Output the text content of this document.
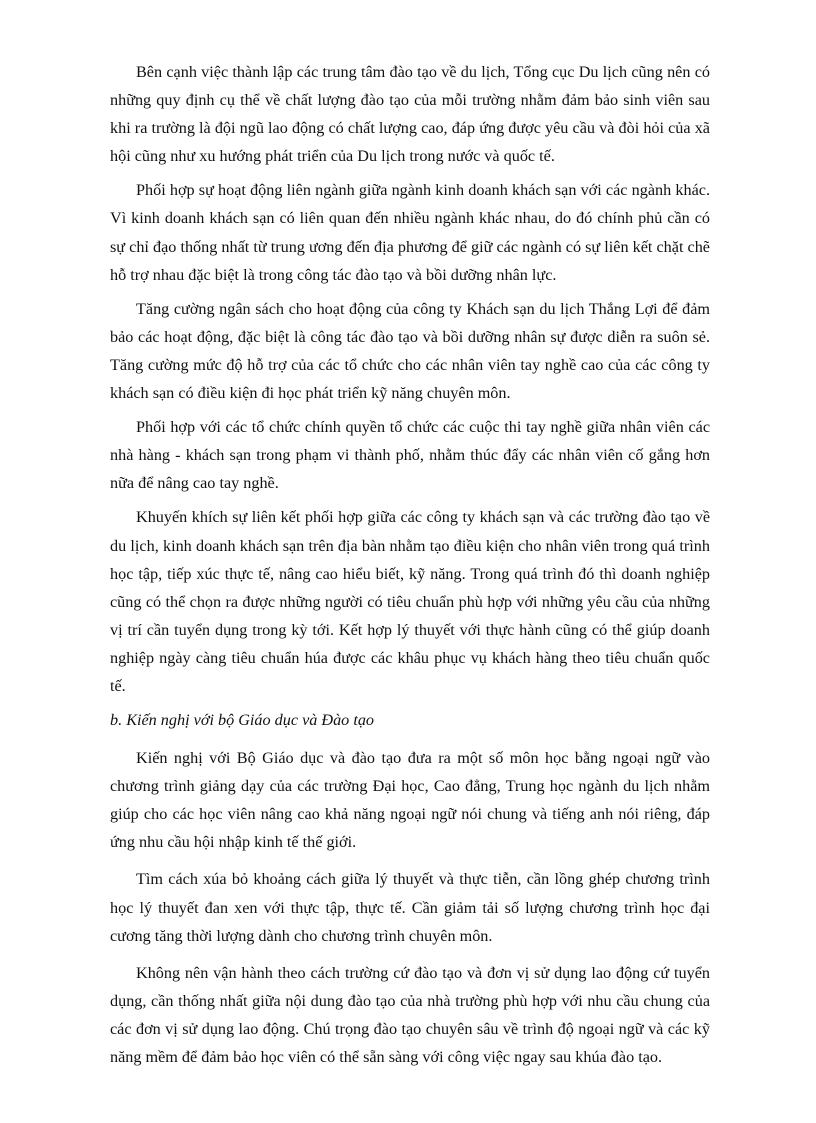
Bên cạnh việc thành lập các trung tâm đào tạo về du lịch, Tổng cục Du lịch cũng nên có những quy định cụ thể về chất lượng đào tạo của mỗi trường nhằm đảm bảo sinh viên sau khi ra trường là đội ngũ lao động có chất lượng cao, đáp ứng được yêu cầu và đòi hỏi của xã hội cũng như xu hướng phát triển của Du lịch trong nước và quốc tế.

Phối hợp sự hoạt động liên ngành giữa ngành kinh doanh khách sạn với các ngành khác. Vì kinh doanh khách sạn có liên quan đến nhiều ngành khác nhau, do đó chính phủ cần có sự chỉ đạo thống nhất từ trung ương đến địa phương để giữ các ngành có sự liên kết chặt chẽ hỗ trợ nhau đặc biệt là trong công tác đào tạo và bồi dưỡng nhân lực.

Tăng cường ngân sách cho hoạt động của công ty Khách sạn du lịch Thắng Lợi để đảm bảo các hoạt động, đặc biệt là công tác đào tạo và bồi dưỡng nhân sự được diễn ra suôn sẻ. Tăng cường mức độ hỗ trợ của các tổ chức cho các nhân viên tay nghề cao của các công ty khách sạn có điều kiện đi học phát triển kỹ năng chuyên môn.

Phối hợp với các tổ chức chính quyền tổ chức các cuộc thi tay nghề giữa nhân viên các nhà hàng - khách sạn trong phạm vi thành phố, nhằm thúc đẩy các nhân viên cố gắng hơn nữa để nâng cao tay nghề.

Khuyến khích sự liên kết phối hợp giữa các công ty khách sạn và các trường đào tạo về du lịch, kinh doanh khách sạn trên địa bàn nhằm tạo điều kiện cho nhân viên trong quá trình học tập, tiếp xúc thực tế, nâng cao hiểu biết, kỹ năng. Trong quá trình đó thì doanh nghiệp cũng có thể chọn ra được những người có tiêu chuẩn phù hợp với những yêu cầu của những vị trí cần tuyển dụng trong kỳ tới. Kết hợp lý thuyết với thực hành cũng có thể giúp doanh nghiệp ngày càng tiêu chuẩn húa được các khâu phục vụ khách hàng theo tiêu chuẩn quốc tế.

b. Kiến nghị với bộ Giáo dục và Đào tạo

Kiến nghị với Bộ Giáo dục và đào tạo đưa ra một số môn học bằng ngoại ngữ vào chương trình giảng dạy của các trường Đại học, Cao đẳng, Trung học ngành du lịch nhằm giúp cho các học viên nâng cao khả năng ngoại ngữ nói chung và tiếng anh nói riêng, đáp ứng nhu cầu hội nhập kinh tế thế giới.

Tìm cách xúa bỏ khoảng cách giữa lý thuyết và thực tiễn, cần lồng ghép chương trình học lý thuyết đan xen với thực tập, thực tế. Cần giảm tải số lượng chương trình học đại cương tăng thời lượng dành cho chương trình chuyên môn.

Không nên vận hành theo cách trường cứ đào tạo và đơn vị sử dụng lao động cứ tuyển dụng, cần thống nhất giữa nội dung đào tạo của nhà trường phù hợp với nhu cầu chung của các đơn vị sử dụng lao động. Chú trọng đào tạo chuyên sâu về trình độ ngoại ngữ và các kỹ năng mềm để đảm bảo học viên có thể sẵn sàng với công việc ngay sau khúa đào tạo.
